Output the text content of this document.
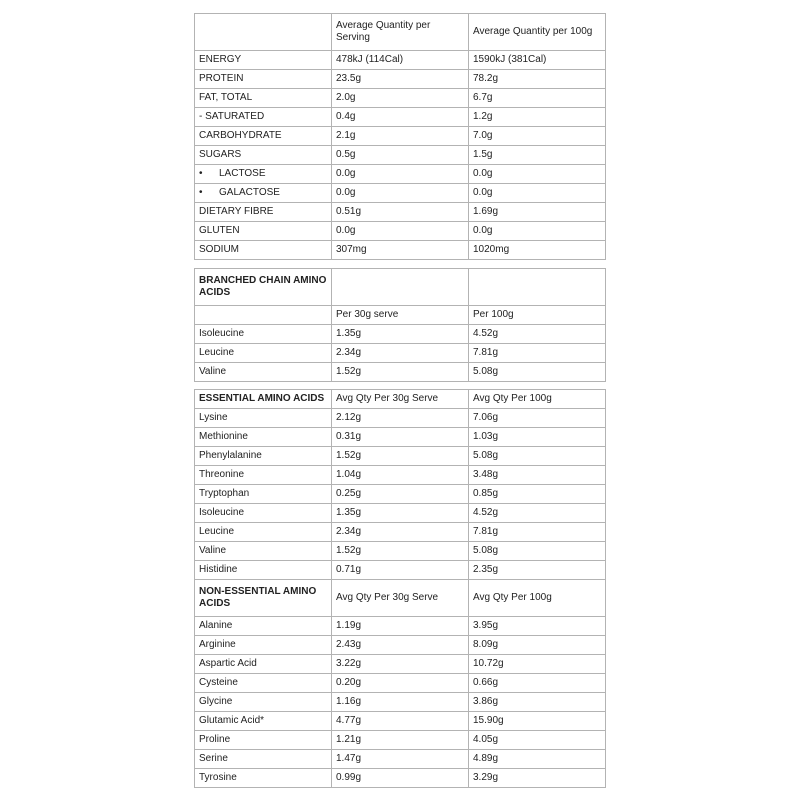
	Average Quantity per Serving	Average Quantity per 100g
ENERGY	478kJ (114Cal)	1590kJ (381Cal)
PROTEIN	23.5g	78.2g
FAT, TOTAL	2.0g	6.7g
- SATURATED	0.4g	1.2g
CARBOHYDRATE	2.1g	7.0g
SUGARS	0.5g	1.5g
• LACTOSE	0.0g	0.0g
• GALACTOSE	0.0g	0.0g
DIETARY FIBRE	0.51g	1.69g
GLUTEN	0.0g	0.0g
SODIUM	307mg	1020mg
BRANCHED CHAIN AMINO ACIDS		
	Per 30g serve	Per 100g
Isoleucine	1.35g	4.52g
Leucine	2.34g	7.81g
Valine	1.52g	5.08g
ESSENTIAL AMINO ACIDS	Avg Qty Per 30g Serve	Avg Qty Per 100g
Lysine	2.12g	7.06g
Methionine	0.31g	1.03g
Phenylalanine	1.52g	5.08g
Threonine	1.04g	3.48g
Tryptophan	0.25g	0.85g
Isoleucine	1.35g	4.52g
Leucine	2.34g	7.81g
Valine	1.52g	5.08g
Histidine	0.71g	2.35g
NON-ESSENTIAL AMINO ACIDS	Avg Qty Per 30g Serve	Avg Qty Per 100g
Alanine	1.19g	3.95g
Arginine	2.43g	8.09g
Aspartic Acid	3.22g	10.72g
Cysteine	0.20g	0.66g
Glycine	1.16g	3.86g
Glutamic Acid*	4.77g	15.90g
Proline	1.21g	4.05g
Serine	1.47g	4.89g
Tyrosine	0.99g	3.29g
